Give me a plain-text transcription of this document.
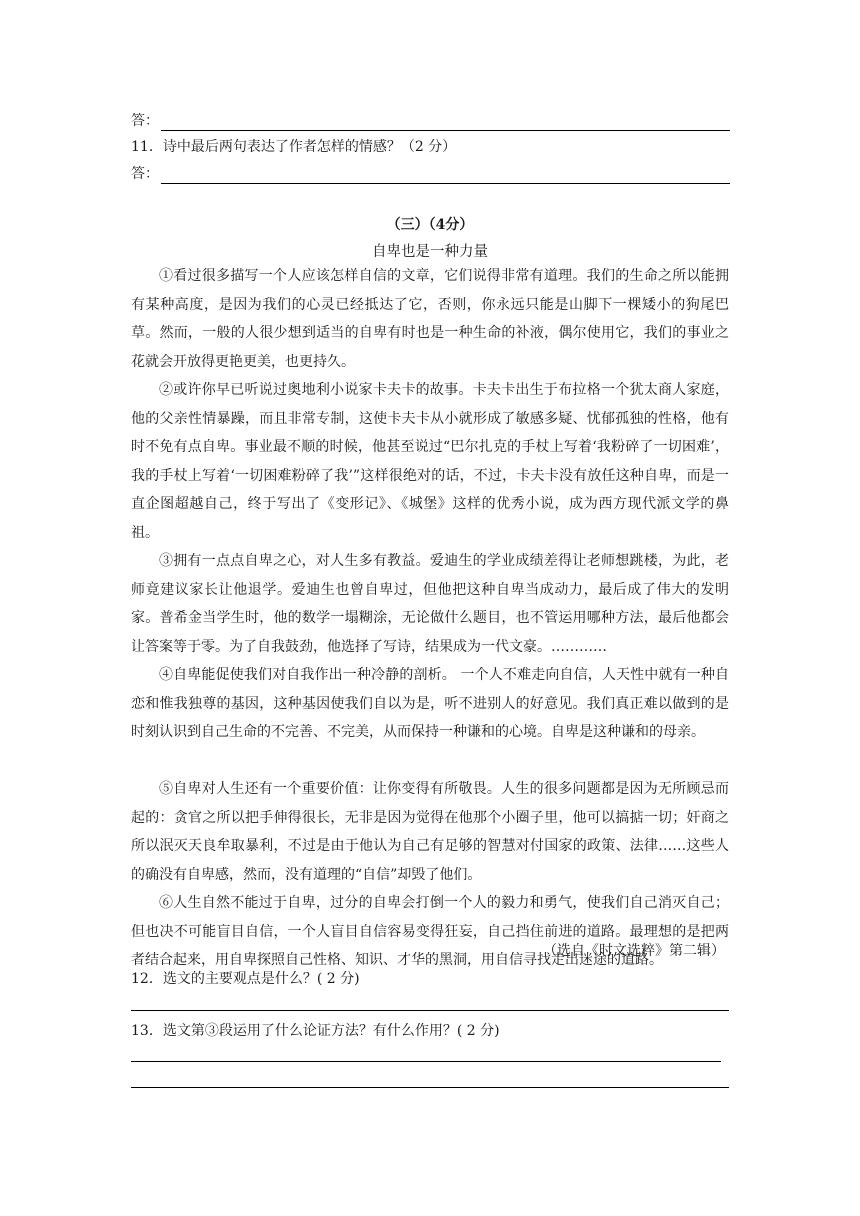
答：
11．诗中最后两句表达了作者怎样的情感？（2 分）
答：
（三）（4分）
自卑也是一种力量
①看过很多描写一个人应该怎样自信的文章，它们说得非常有道理。我们的生命之所以能拥有某种高度，是因为我们的心灵已经抵达了它，否则，你永远只能是山脚下一棵矮小的狗尾巴草。然而，一般的人很少想到适当的自卑有时也是一种生命的补液，偶尔使用它，我们的事业之花就会开放得更艳更美，也更持久。
②或许你早已听说过奥地利小说家卡夫卡的故事。卡夫卡出生于布拉格一个犹太商人家庭，他的父亲性情暴躁，而且非常专制，这使卡夫卡从小就形成了敏感多疑、忧郁孤独的性格，他有时不免有点自卑。事业最不顺的时候，他甚至说过“巴尔扎克的手杖上写着‘我粉碎了一切困难’，我的手杖上写着‘一切困难粉碎了我’”这样很绝对的话，不过，卡夫卡没有放任这种自卑，而是一直企图超越自己，终于写出了《变形记》、《城堡》这样的优秀小说，成为西方现代派文学的鼻祖。
③拥有一点点自卑之心，对人生多有教益。爱迪生的学业成绩差得让老师想跳楼，为此，老师竟建议家长让他退学。爱迪生也曾自卑过，但他把这种自卑当成动力，最后成了伟大的发明家。普希金当学生时，他的数学一塌糊涂，无论做什么题目，也不管运用哪种方法，最后他都会让答案等于零。为了自我鼓劲，他选择了写诗，结果成为一代文豪。…………
④自卑能促使我们对自我作出一种冷静的剖析。 一个人不难走向自信，人天性中就有一种自恋和惟我独尊的基因，这种基因使我们自以为是，听不进别人的好意见。我们真正难以做到的是时刻认识到自己生命的不完善、不完美，从而保持一种谦和的心境。自卑是这种谦和的母亲。
⑤自卑对人生还有一个重要价值：让你变得有所敬畏。人生的很多问题都是因为无所顾忌而起的：贪官之所以把手伸得很长，无非是因为觉得在他那个小圈子里，他可以搞掂一切；奸商之所以泯灭天良牟取暴利，不过是由于他认为自己有足够的智慧对付国家的政策、法律……这些人的确没有自卑感，然而，没有道理的“自信”却毁了他们。
⑥人生自然不能过于自卑，过分的自卑会打倒一个人的毅力和勇气，使我们自己消灭自己；但也决不可能盲目自信，一个人盲目自信容易变得狂妄，自己挡住前进的道路。最理想的是把两者结合起来，用自卑探照自己性格、知识、才华的黑洞，用自信寻找走出迷途的道路。
（选自《时文选粹》第二辑）
12．选文的主要观点是什么？( 2 分)
13．选文第③段运用了什么论证方法？有什么作用？( 2 分)
